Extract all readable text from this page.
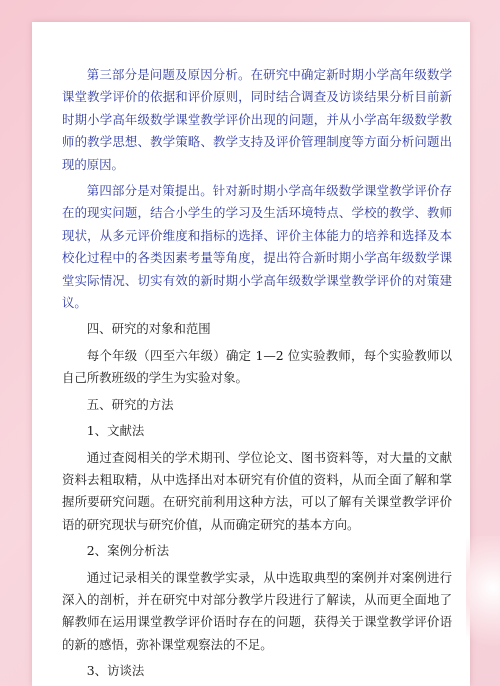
第三部分是问题及原因分析。在研究中确定新时期小学高年级数学课堂教学评价的依据和评价原则，同时结合调查及访谈结果分析目前新时期小学高年级数学课堂教学评价出现的问题，并从小学高年级数学教师的教学思想、教学策略、教学支持及评价管理制度等方面分析问题出现的原因。

第四部分是对策提出。针对新时期小学高年级数学课堂教学评价存在的现实问题，结合小学生的学习及生活环境特点、学校的教学、教师现状，从多元评价维度和指标的选择、评价主体能力的培养和选择及本校化过程中的各类因素考量等角度，提出符合新时期小学高年级数学课堂实际情况、切实有效的新时期小学高年级数学课堂教学评价的对策建议。

四、研究的对象和范围

每个年级（四至六年级）确定 1—2 位实验教师，每个实验教师以自己所教班级的学生为实验对象。

五、研究的方法

1、文献法

通过查阅相关的学术期刊、学位论文、图书资料等，对大量的文献资料去粗取精，从中选择出对本研究有价值的资料，从而全面了解和掌握所要研究问题。在研究前利用这种方法，可以了解有关课堂教学评价语的研究现状与研究价值，从而确定研究的基本方向。

2、案例分析法

通过记录相关的课堂教学实录，从中选取典型的案例并对案例进行深入的剖析，并在研究中对部分教学片段进行了解读，从而更全面地了解教师在运用课堂教学评价语时存在的问题，获得关于课堂教学评价语的新的感悟，弥补课堂观察法的不足。

3、访谈法
